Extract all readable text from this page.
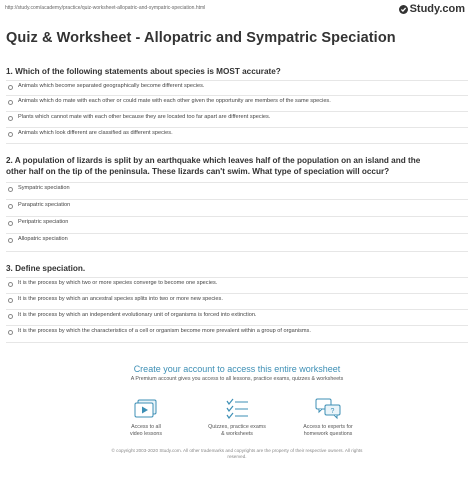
http://study.com/academy/practice/quiz-worksheet-allopatric-and-sympatric-speciation.html	Study.com
Quiz & Worksheet - Allopatric and Sympatric Speciation
1. Which of the following statements about species is MOST accurate?
Animals which become separated geographically become different species.
Animals which do mate with each other or could mate with each other given the opportunity are members of the same species.
Plants which cannot mate with each other because they are located too far apart are different species.
Animals which look different are classified as different species.
2. A population of lizards is split by an earthquake which leaves half of the population on an island and the
other half on the tip of the peninsula. These lizards can't swim. What type of speciation will occur?
Sympatric speciation
Parapatric speciation
Peripatric speciation
Allopatric speciation
3. Define speciation.
It is the process by which two or more species converge to become one species.
It is the process by which an ancestral species splits into two or more new species.
It is the process by which an independent evolutionary unit of organisms is forced into extinction.
It is the process by which the characteristics of a cell or organism become more prevalent within a group of organisms.
Create your account to access this entire worksheet
A Premium account gives you access to all lessons, practice exams, quizzes & worksheets
Access to all
video lessons
Quizzes, practice exams
& worksheets
?
Access to experts for
homework questions
© copyright 2003-2020 Study.com. All other trademarks and copyrights are the property of their respective owners. All rights
reserved.
